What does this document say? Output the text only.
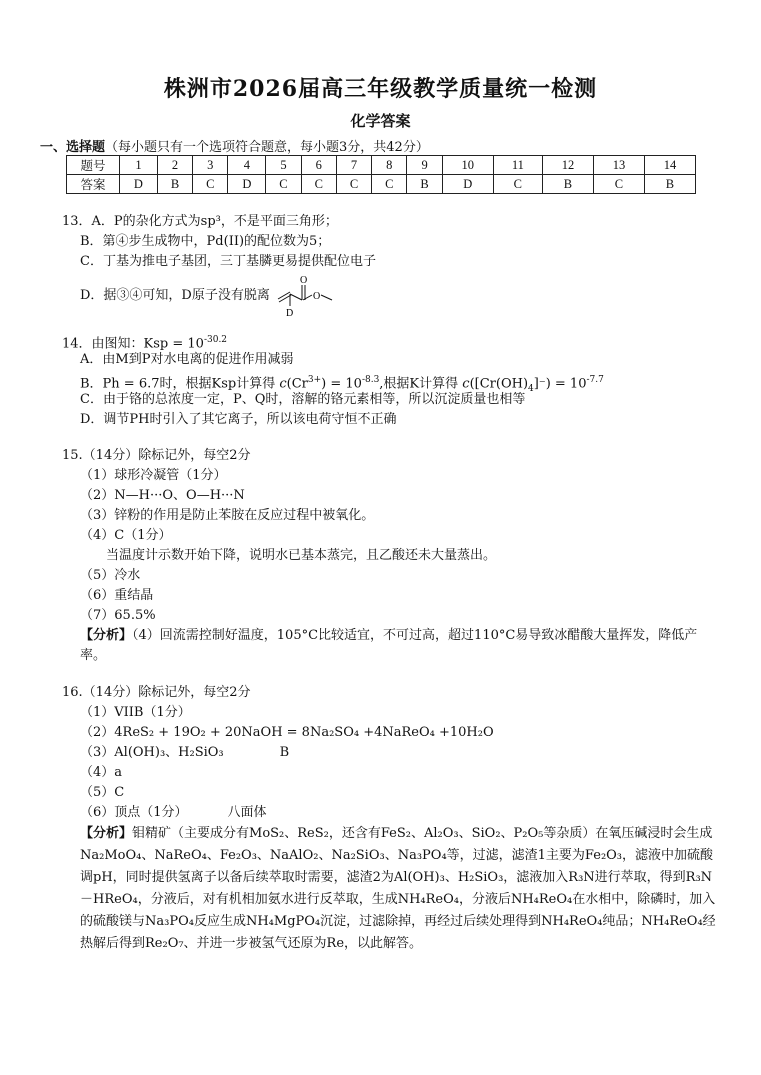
株洲市2026届高三年级教学质量统一检测
化学答案
一、选择题（每小题只有一个选项符合题意，每小题3分，共42分）
题号	1	2	3	4	5	6	7	8	9	10	11	12	13	14
答案	D	B	C	D	C	C	C	C	B	D	C	B	C	B
13．A．P的杂化方式为sp³，不是平面三角形；
B．第④步生成物中，Pd(II)的配位数为5；
C．丁基为推电子基团，三丁基膦更易提供配位电子
D．据③④可知，D原子没有脱离
O
O
D
14．由图知：Ksp = $10^{-30.2}$
A．由M到P对水电离的促进作用减弱
B．Ph = 6.7时，根据Ksp计算得 $c(Cr^{3+}) = 10^{-8.3}$,根据K计算得 $c([Cr(OH)_4]^-) = 10^{-7.7}$
C．由于铬的总浓度一定，P、Q时，溶解的铬元素相等，所以沉淀质量也相等
D．调节PH时引入了其它离子，所以该电荷守恒不正确
15.（14分）除标记外，每空2分
（1）球形冷凝管（1分）
（2）N—H···O、O—H···N
（3）锌粉的作用是防止苯胺在反应过程中被氧化。
（4）C（1分）
当温度计示数开始下降，说明水已基本蒸完，且乙酸还未大量蒸出。
（5）冷水
（6）重结晶
（7）65.5%
【分析】（4）回流需控制好温度，105°C比较适宜，不可过高，超过110°C易导致冰醋酸大量挥发，降低产率。
16.（14分）除标记外，每空2分
（1）VIIB（1分）
（2）4ReS₂ + 19O₂ + 20NaOH = 8Na₂SO₄ +4NaReO₄ +10H₂O
（3）Al(OH)₃、H₂SiO₃	B
（4）a
（5）C
（6）顶点（1分）	八面体
【分析】钼精矿（主要成分有MoS₂、ReS₂，还含有FeS₂、Al₂O₃、SiO₂、P₂O₅等杂质）在氧压碱浸时会生成Na₂MoO₄、NaReO₄、Fe₂O₃、NaAlO₂、Na₂SiO₃、Na₃PO₄等，过滤，滤渣1主要为Fe₂O₃，滤液中加硫酸调pH，同时提供氢离子以备后续萃取时需要，滤渣2为Al(OH)₃、H₂SiO₃，滤液加入R₃N进行萃取，得到R₃N－HReO₄，分液后，对有机相加氨水进行反萃取，生成NH₄ReO₄，分液后NH₄ReO₄在水相中，除磷时，加入的硫酸镁与Na₃PO₄反应生成NH₄MgPO₄沉淀，过滤除掉，再经过后续处理得到NH₄ReO₄纯品；NH₄ReO₄经热解后得到Re₂O₇、并进一步被氢气还原为Re，以此解答。
